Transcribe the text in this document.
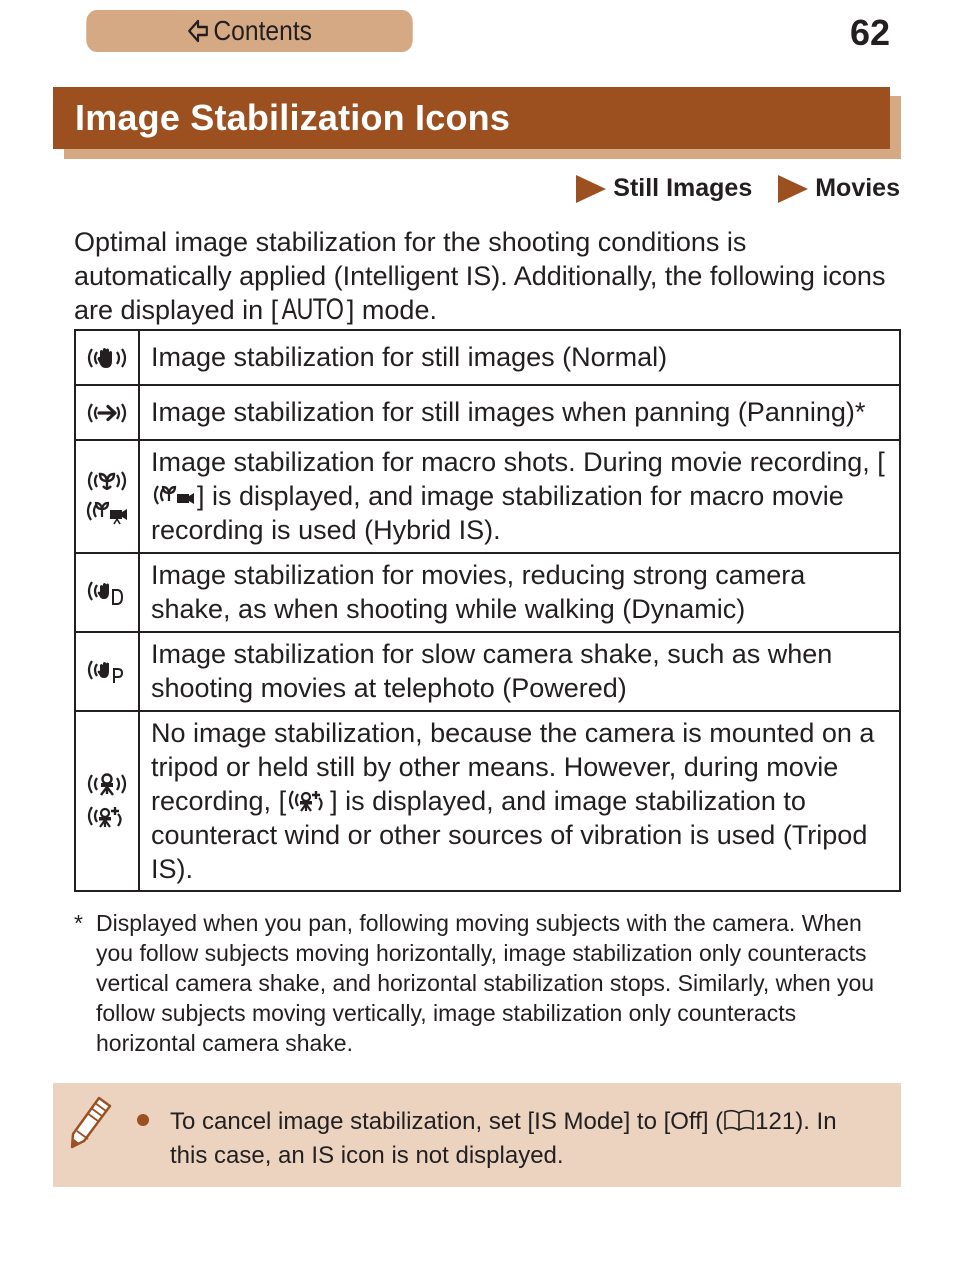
Contents	62
Image Stabilization Icons
Still Images	Movies

Optimal image stabilization for the shooting conditions is automatically applied (Intelligent IS). Additionally, the following icons are displayed in [ AUTO ] mode.

	Image stabilization for still images (Normal)

	Image stabilization for still images when panning (Panning)*

	Image stabilization for macro shots. During movie recording, [] is displayed, and image stabilization for macro movie recording is used (Hybrid IS).

	Image stabilization for movies, reducing strong camera shake, as when shooting while walking (Dynamic)

	Image stabilization for slow camera shake, such as when shooting movies at telephoto (Powered)

	No image stabilization, because the camera is mounted on a tripod or held still by other means. However, during movie recording, [ ] is displayed, and image stabilization to counteract wind or other sources of vibration is used (Tripod IS).
* Displayed when you pan, following moving subjects with the camera. When you follow subjects moving horizontally, image stabilization only counteracts vertical camera shake, and horizontal stabilization stops. Similarly, when you follow subjects moving vertically, image stabilization only counteracts horizontal camera shake.

To cancel image stabilization, set [IS Mode] to [Off] ( 121). In this case, an IS icon is not displayed.
